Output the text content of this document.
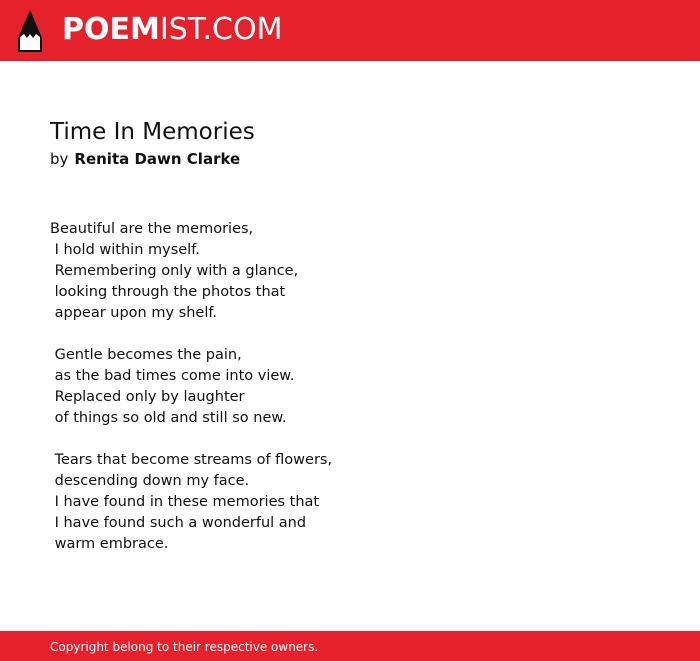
POEMIST.COM
Time In Memories
by Renita Dawn Clarke
Beautiful are the memories,
I hold within myself.
Remembering only with a glance,
looking through the photos that
appear upon my shelf.

Gentle becomes the pain,
as the bad times come into view.
Replaced only by laughter
of things so old and still so new.

Tears that become streams of flowers,
descending down my face.
I have found in these memories that
I have found such a wonderful and
warm embrace.
Copyright belong to their respective owners.
